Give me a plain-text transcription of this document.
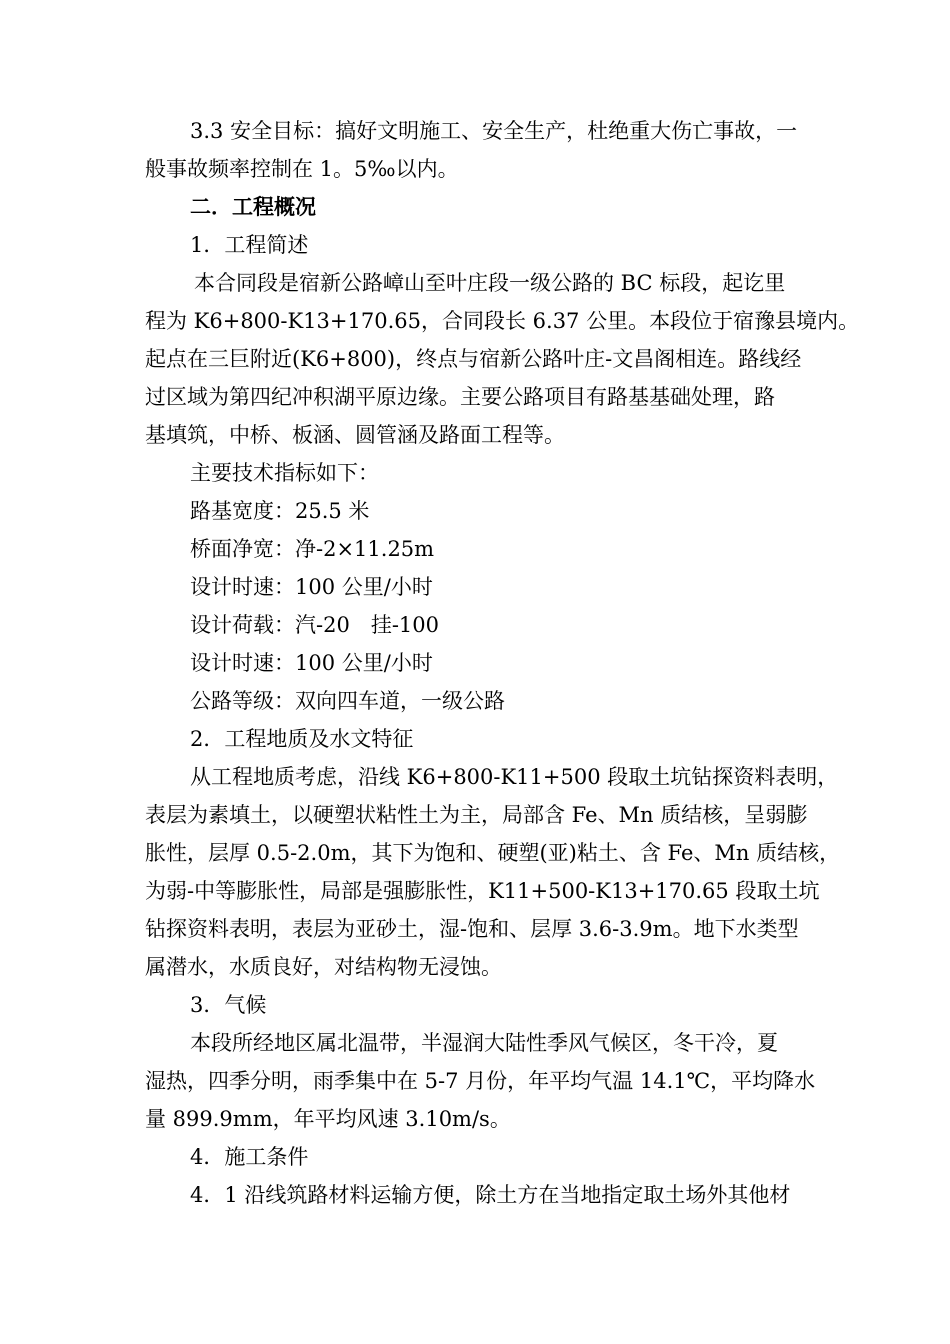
3.3 安全目标：搞好文明施工、安全生产，杜绝重大伤亡事故，一
般事故频率控制在 1。5‰以内。
二．工程概况
1．工程简述
本合同段是宿新公路嶂山至叶庄段一级公路的 BC 标段，起讫里
程为 K6+800-K13+170.65，合同段长 6.37 公里。本段位于宿豫县境内。
起点在三巨附近(K6+800)，终点与宿新公路叶庄-文昌阁相连。路线经
过区域为第四纪冲积湖平原边缘。主要公路项目有路基基础处理，路
基填筑，中桥、板涵、圆管涵及路面工程等。
主要技术指标如下：
路基宽度：25.5 米
桥面净宽：净-2×11.25m
设计时速：100 公里/小时
设计荷载：汽-20　挂-100
设计时速：100 公里/小时
公路等级：双向四车道，一级公路
2．工程地质及水文特征
从工程地质考虑，沿线 K6+800-K11+500 段取土坑钻探资料表明，
表层为素填土，以硬塑状粘性土为主，局部含 Fe、Mn 质结核，呈弱膨
胀性，层厚 0.5-2.0m，其下为饱和、硬塑(亚)粘土、含 Fe、Mn 质结核，
为弱-中等膨胀性，局部是强膨胀性，K11+500-K13+170.65 段取土坑
钻探资料表明，表层为亚砂土，湿-饱和、层厚 3.6-3.9m。地下水类型
属潜水，水质良好，对结构物无浸蚀。
3．气候
本段所经地区属北温带，半湿润大陆性季风气候区，冬干冷，夏
湿热，四季分明，雨季集中在 5-7 月份，年平均气温 14.1℃，平均降水
量 899.9mm，年平均风速 3.10m/s。
4．施工条件
4．1 沿线筑路材料运输方便，除土方在当地指定取土场外其他材
